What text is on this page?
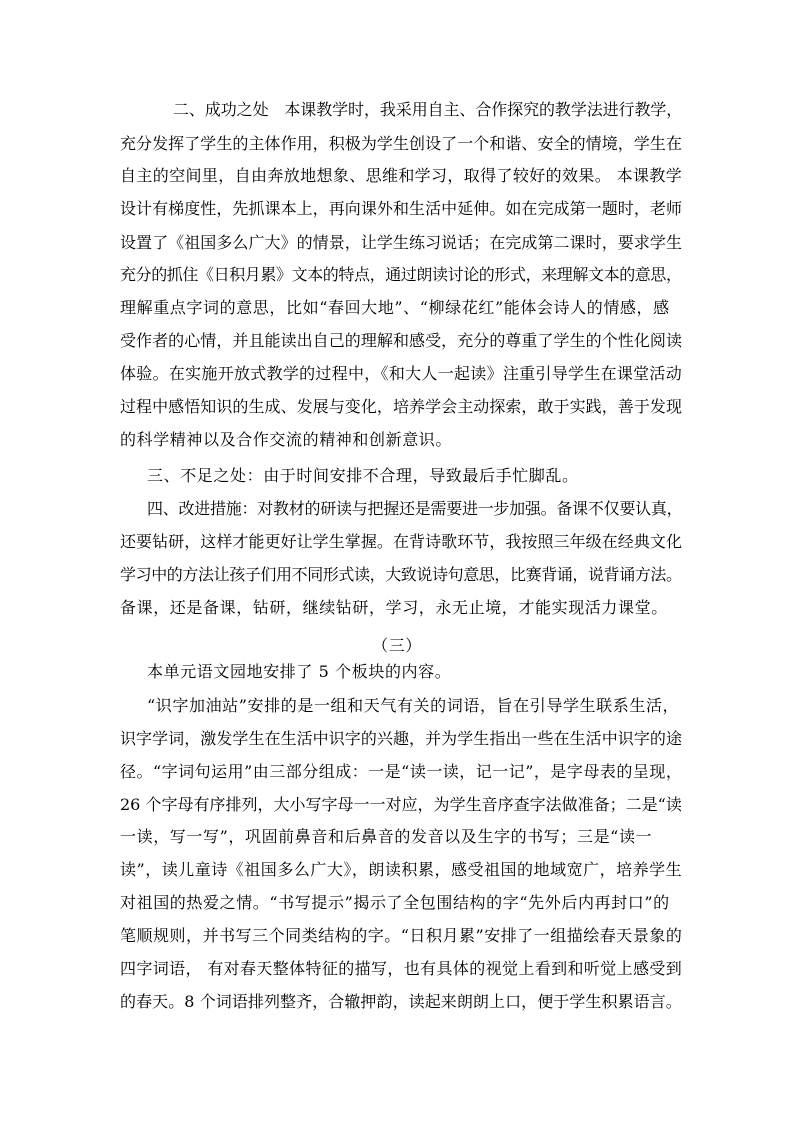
二、成功之处　本课教学时，我采用自主、合作探究的教学法进行教学，
充分发挥了学生的主体作用，积极为学生创设了一个和谐、安全的情境，学生在
自主的空间里，自由奔放地想象、思维和学习，取得了较好的效果。 本课教学
设计有梯度性，先抓课本上，再向课外和生活中延伸。如在完成第一题时，老师
设置了《祖国多么广大》的情景，让学生练习说话；在完成第二课时，要求学生
充分的抓住《日积月累》文本的特点，通过朗读讨论的形式，来理解文本的意思，
理解重点字词的意思，比如“春回大地”、“柳绿花红”能体会诗人的情感，感
受作者的心情，并且能读出自己的理解和感受，充分的尊重了学生的个性化阅读
体验。在实施开放式教学的过程中，《和大人一起读》注重引导学生在课堂活动
过程中感悟知识的生成、发展与变化，培养学会主动探索，敢于实践，善于发现
的科学精神以及合作交流的精神和创新意识。
三、不足之处：由于时间安排不合理，导致最后手忙脚乱。
四、改进措施：对教材的研读与把握还是需要进一步加强。备课不仅要认真，
还要钻研，这样才能更好让学生掌握。在背诗歌环节，我按照三年级在经典文化
学习中的方法让孩子们用不同形式读，大致说诗句意思，比赛背诵，说背诵方法。
备课，还是备课，钻研，继续钻研，学习，永无止境，才能实现活力课堂。
（三）
本单元语文园地安排了 5 个板块的内容。
“识字加油站”安排的是一组和天气有关的词语，旨在引导学生联系生活，
识字学词，激发学生在生活中识字的兴趣，并为学生指出一些在生活中识字的途
径。“字词句运用”由三部分组成：一是“读一读，记一记”，是字母表的呈现，
26 个字母有序排列，大小写字母一一对应，为学生音序查字法做准备；二是“读
一读，写一写”，巩固前鼻音和后鼻音的发音以及生字的书写；三是“读一
读”，读儿童诗《祖国多么广大》，朗读积累，感受祖国的地域宽广，培养学生
对祖国的热爱之情。“书写提示”揭示了全包围结构的字“先外后内再封口”的
笔顺规则，并书写三个同类结构的字。“日积月累”安排了一组描绘春天景象的
四字词语， 有对春天整体特征的描写，也有具体的视觉上看到和听觉上感受到
的春天。8 个词语排列整齐，合辙押韵，读起来朗朗上口，便于学生积累语言。
